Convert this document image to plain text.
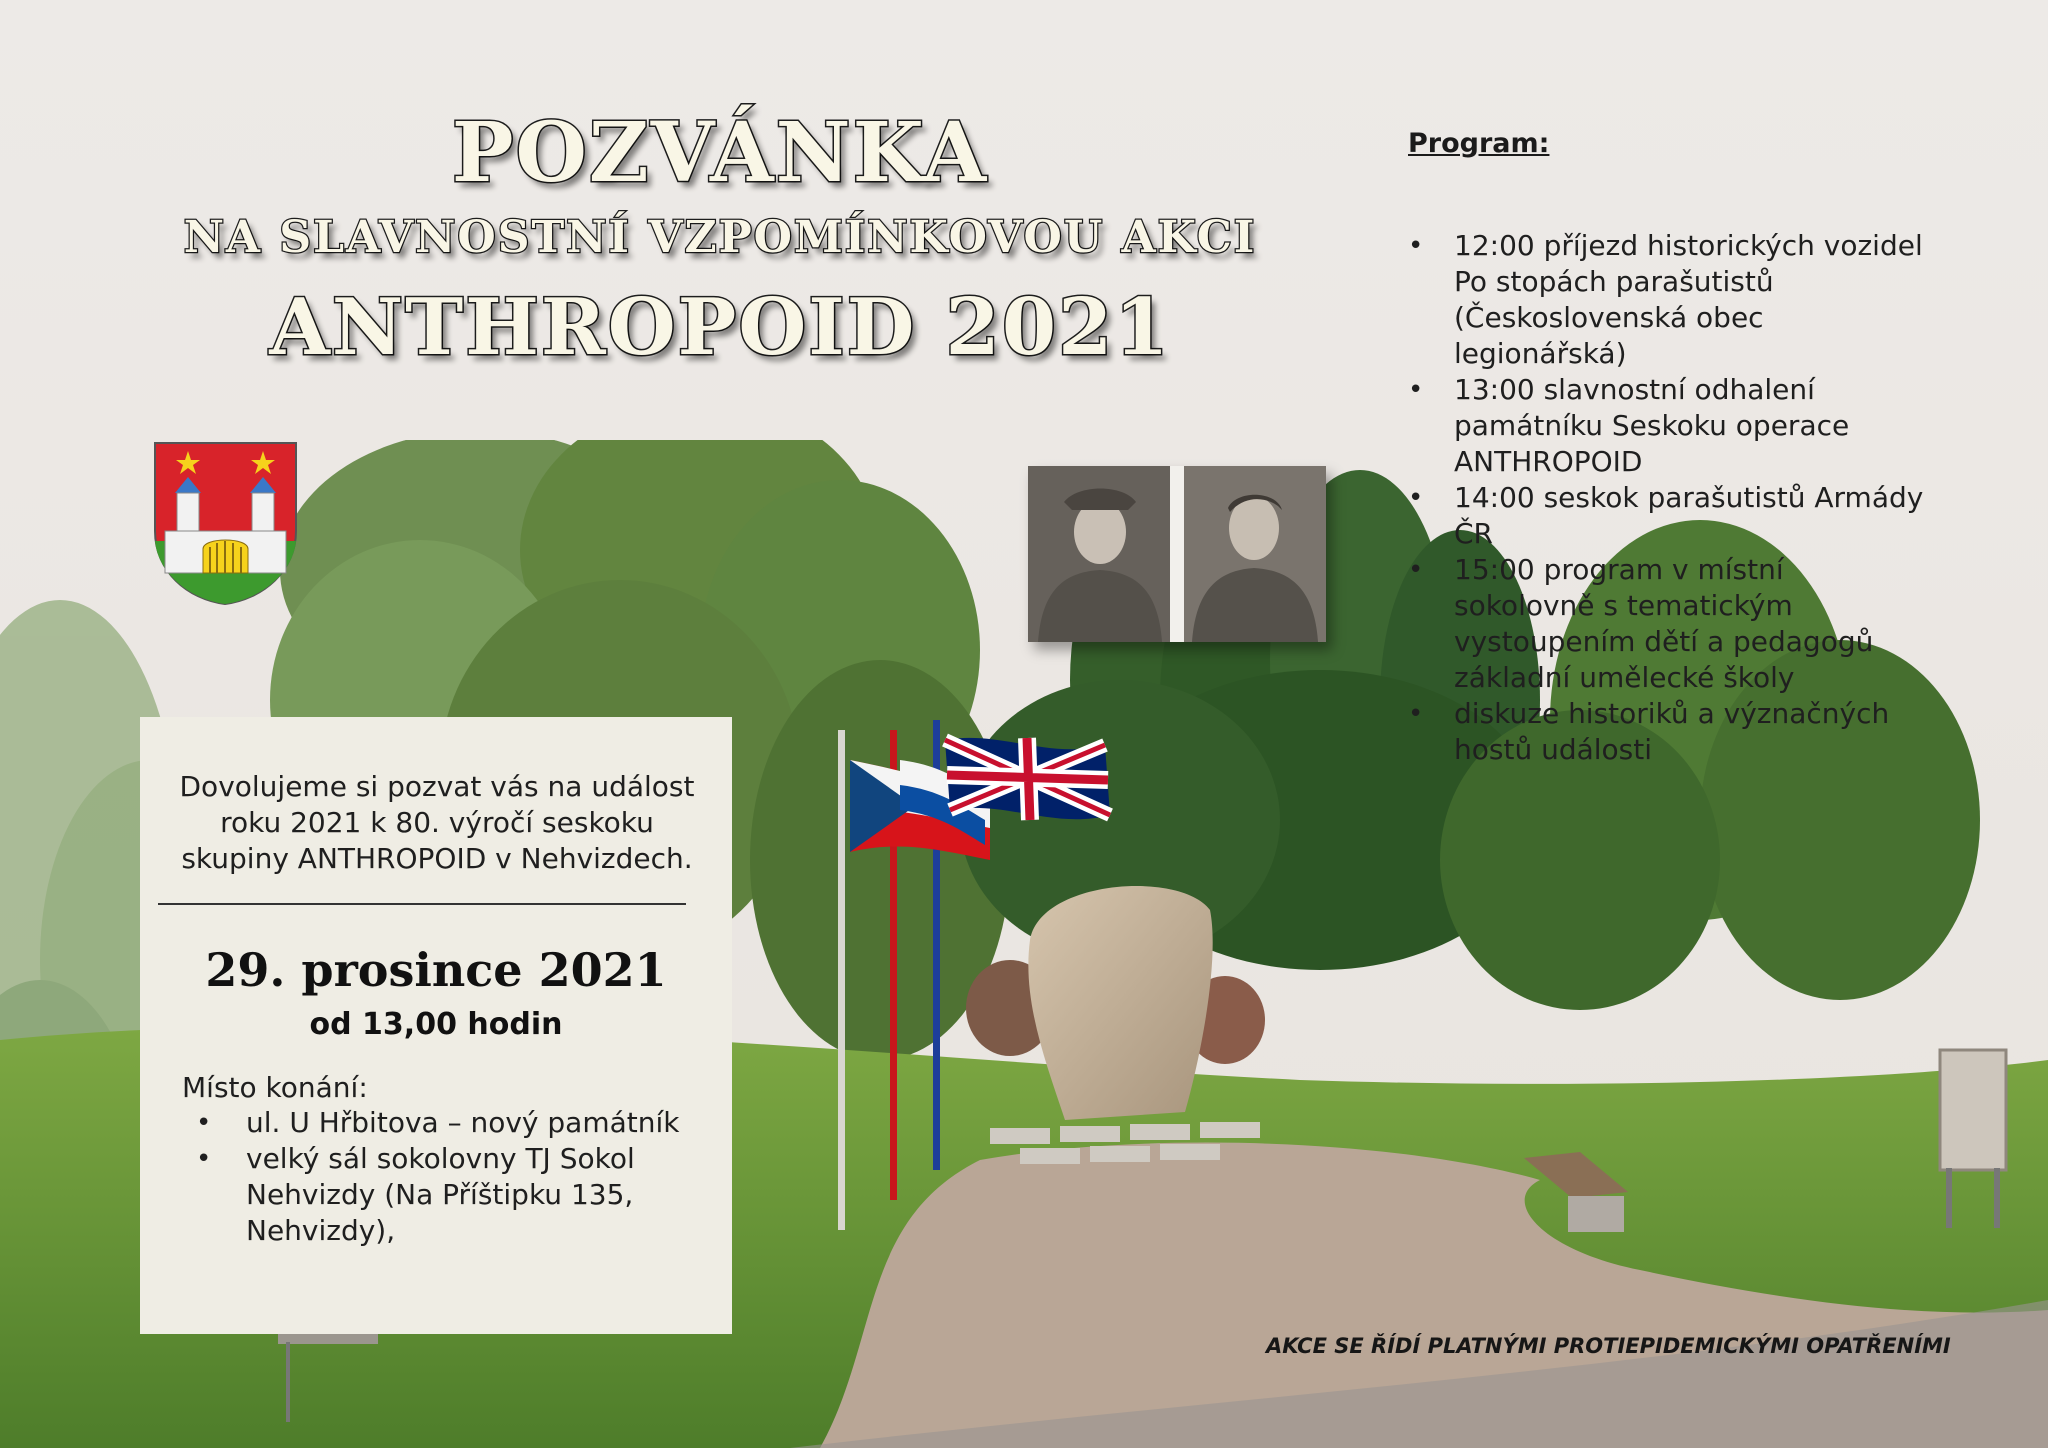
POZVÁNKA
NA SLAVNOSTNÍ VZPOMÍNKOVOU AKCI
ANTHROPOID 2021
Program:
• 12:00 příjezd historických vozidel Po stopách parašutistů (Československá obec legionářská)
• 13:00 slavnostní odhalení památníku Seskoku operace ANTHROPOID
• 14:00 seskok parašutistů Armády ČR
• 15:00 program v místní sokolovně s tematickým vystoupením dětí a pedagogů základní umělecké školy
• diskuze historiků a význačných hostů události
Dovolujeme si pozvat vás na událost roku 2021 k 80. výročí seskoku skupiny ANTHROPOID v Nehvizdech.
29. prosince 2021
od 13,00 hodin
Místo konání:
• ul. U Hřbitova – nový památník
• velký sál sokolovny TJ Sokol Nehvizdy (Na Příštipku 135, Nehvizdy),
AKCE SE ŘÍDÍ PLATNÝMI PROTIEPIDEMICKÝMI OPATŘENÍMI
